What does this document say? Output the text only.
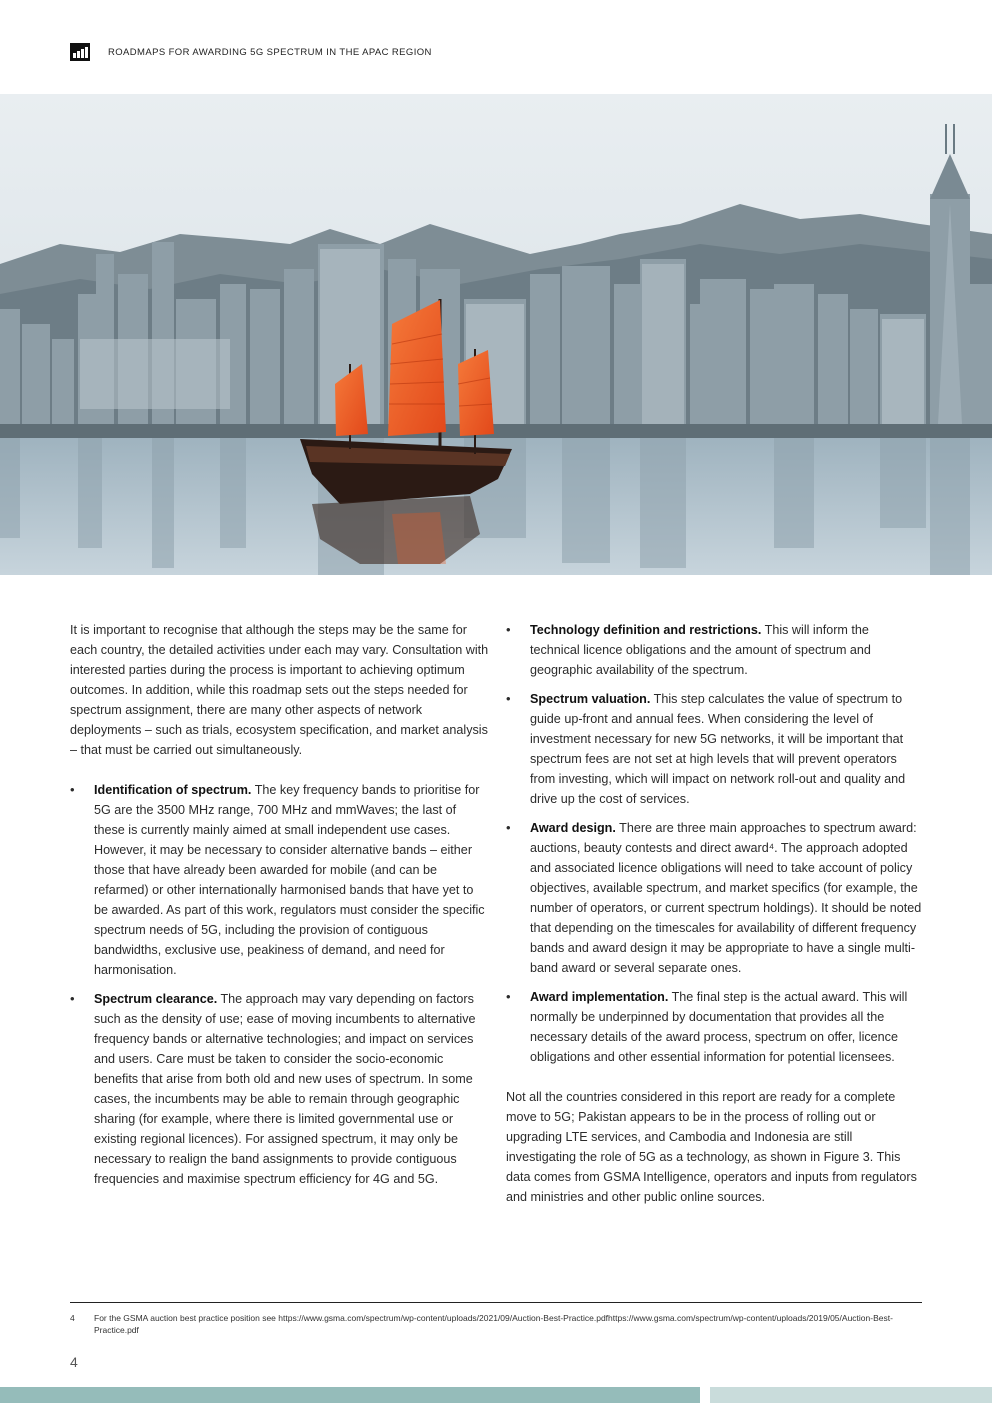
ROADMAPS FOR AWARDING 5G SPECTRUM IN THE APAC REGION

It is important to recognise that although the steps may be the same for each country, the detailed activities under each may vary. Consultation with interested parties during the process is important to achieving optimum outcomes. In addition, while this roadmap sets out the steps needed for spectrum assignment, there are many other aspects of network deployments – such as trials, ecosystem specification, and market analysis – that must be carried out simultaneously.

• Identification of spectrum. The key frequency bands to prioritise for 5G are the 3500 MHz range, 700 MHz and mmWaves; the last of these is currently mainly aimed at small independent use cases. However, it may be necessary to consider alternative bands – either those that have already been awarded for mobile (and can be refarmed) or other internationally harmonised bands that have yet to be awarded. As part of this work, regulators must consider the specific spectrum needs of 5G, including the provision of contiguous bandwidths, exclusive use, peakiness of demand, and need for harmonisation.
• Spectrum clearance. The approach may vary depending on factors such as the density of use; ease of moving incumbents to alternative frequency bands or alternative technologies; and impact on services and users. Care must be taken to consider the socio-economic benefits that arise from both old and new uses of spectrum. In some cases, the incumbents may be able to remain through geographic sharing (for example, where there is limited governmental use or existing regional licences). For assigned spectrum, it may only be necessary to realign the band assignments to provide contiguous frequencies and maximise spectrum efficiency for 4G and 5G.
• Technology definition and restrictions. This will inform the technical licence obligations and the amount of spectrum and geographic availability of the spectrum.
• Spectrum valuation. This step calculates the value of spectrum to guide up-front and annual fees. When considering the level of investment necessary for new 5G networks, it will be important that spectrum fees are not set at high levels that will prevent operators from investing, which will impact on network roll-out and quality and drive up the cost of services.
• Award design. There are three main approaches to spectrum award: auctions, beauty contests and direct award⁴. The approach adopted and associated licence obligations will need to take account of policy objectives, available spectrum, and market specifics (for example, the number of operators, or current spectrum holdings). It should be noted that depending on the timescales for availability of different frequency bands and award design it may be appropriate to have a single multi-band award or several separate ones.
• Award implementation. The final step is the actual award. This will normally be underpinned by documentation that provides all the necessary details of the award process, spectrum on offer, licence obligations and other essential information for potential licensees.

Not all the countries considered in this report are ready for a complete move to 5G; Pakistan appears to be in the process of rolling out or upgrading LTE services, and Cambodia and Indonesia are still investigating the role of 5G as a technology, as shown in Figure 3. This data comes from GSMA Intelligence, operators and inputs from regulators and ministries and other public online sources.

4	For the GSMA auction best practice position see https://www.gsma.com/spectrum/wp-content/uploads/2021/09/Auction-Best-Practice.pdfhttps://www.gsma.com/spectrum/wp-content/uploads/2019/05/Auction-Best-Practice.pdf
4
